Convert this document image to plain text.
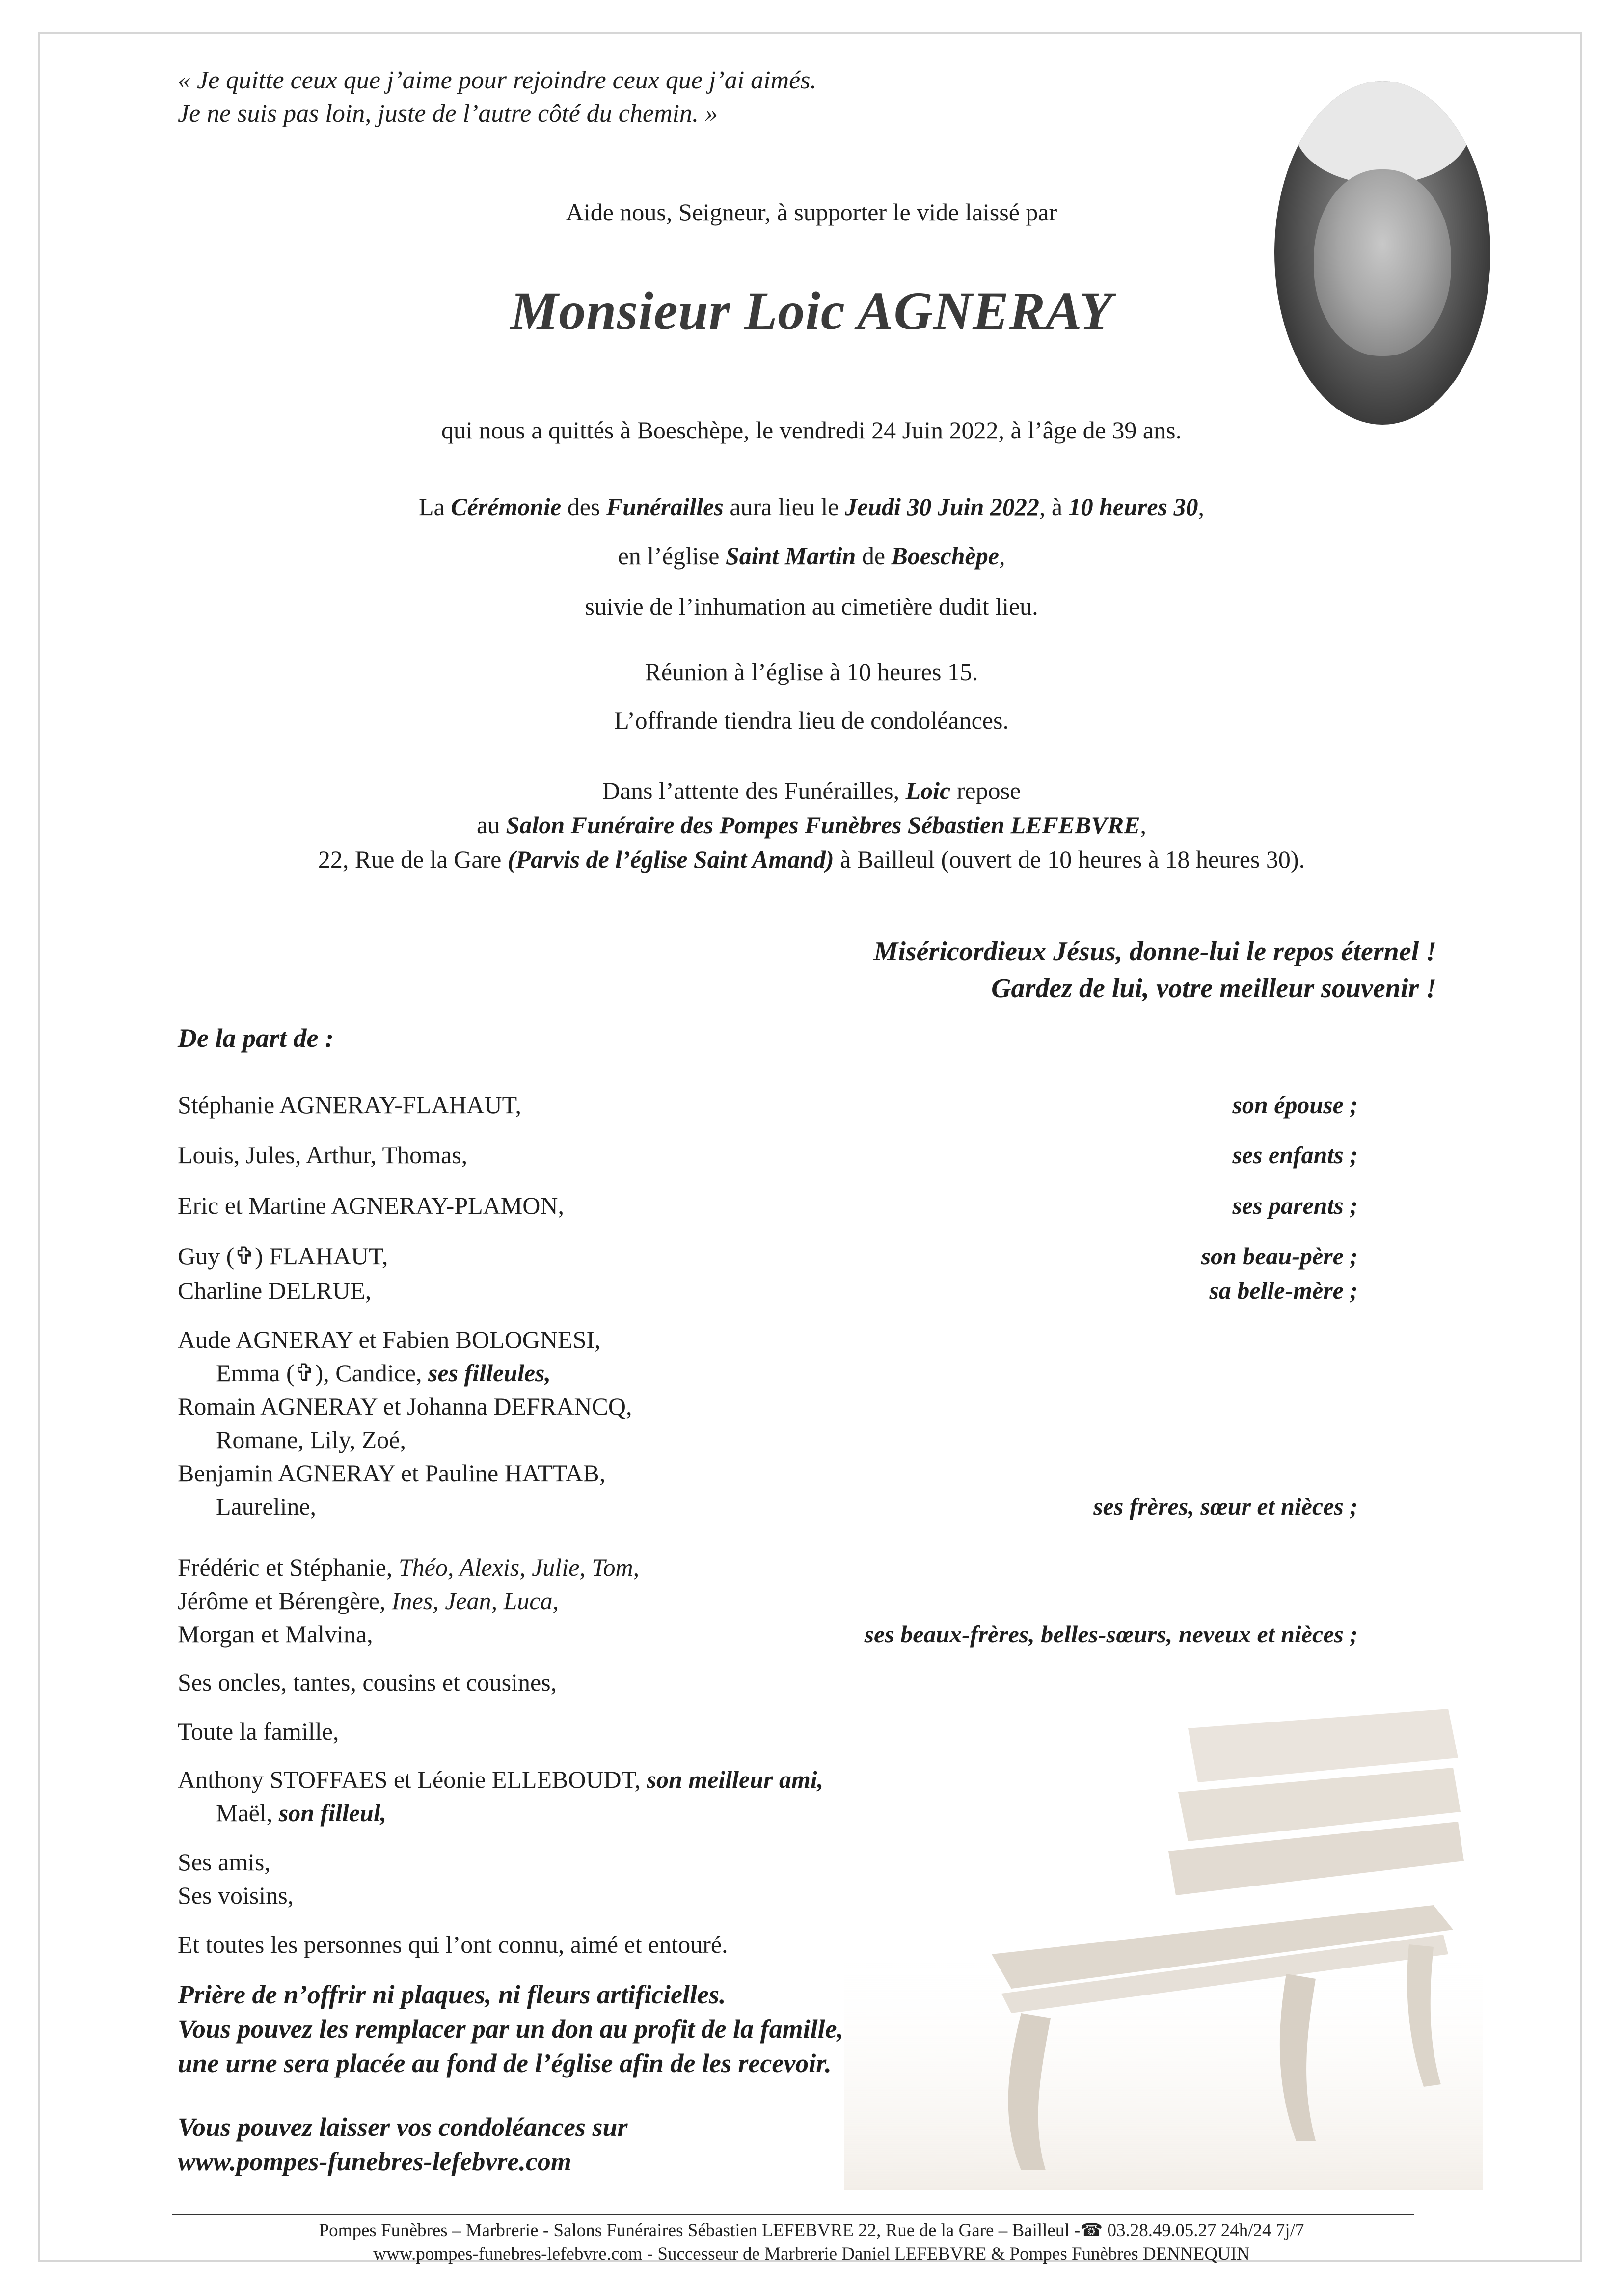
« Je quitte ceux que j’aime pour rejoindre ceux que j’ai aimés.
Je ne suis pas loin, juste de l’autre côté du chemin. »
Aide nous, Seigneur, à supporter le vide laissé par
Monsieur Loic AGNERAY
qui nous a quittés à Boeschèpe, le vendredi 24 Juin 2022, à l’âge de 39 ans.
La Cérémonie des Funérailles aura lieu le Jeudi 30 Juin 2022, à 10 heures 30,
en l’église Saint Martin de Boeschèpe,
suivie de l’inhumation au cimetière dudit lieu.
Réunion à l’église à 10 heures 15.
L’offrande tiendra lieu de condoléances.
Dans l’attente des Funérailles, Loic repose
au Salon Funéraire des Pompes Funèbres Sébastien LEFEBVRE,
22, Rue de la Gare (Parvis de l’église Saint Amand) à Bailleul (ouvert de 10 heures à 18 heures 30).
Miséricordieux Jésus, donne-lui le repos éternel !
Gardez de lui, votre meilleur souvenir !
De la part de :
Stéphanie AGNERAY-FLAHAUT,
Louis, Jules, Arthur, Thomas,
Eric et Martine AGNERAY-PLAMON,
Guy (✞) FLAHAUT,
Charline DELRUE,
Aude AGNERAY et Fabien BOLOGNESI,
Emma (✞), Candice, ses filleules,
Romain AGNERAY et Johanna DEFRANCQ,
Romane, Lily, Zoé,
Benjamin AGNERAY et Pauline HATTAB,
Laureline,
Frédéric et Stéphanie, Théo, Alexis, Julie, Tom,
Jérôme et Bérengère, Ines, Jean, Luca,
Morgan et Malvina,
Ses oncles, tantes, cousins et cousines,
Toute la famille,
Anthony STOFFAES et Léonie ELLEBOUDT, son meilleur ami,
Maël, son filleul,
Ses amis,
Ses voisins,
Et toutes les personnes qui l’ont connu, aimé et entouré.
son épouse ;
ses enfants ;
ses parents ;
son beau-père ;
sa belle-mère ;
ses frères, sœur et nièces ;
ses beaux-frères, belles-sœurs, neveux et nièces ;
Prière de n’offrir ni plaques, ni fleurs artificielles.
Vous pouvez les remplacer par un don au profit de la famille,
une urne sera placée au fond de l’église afin de les recevoir.
Vous pouvez laisser vos condoléances sur
www.pompes-funebres-lefebvre.com
Pompes Funèbres – Marbrerie - Salons Funéraires Sébastien LEFEBVRE 22, Rue de la Gare – Bailleul -☎ 03.28.49.05.27 24h/24 7j/7
www.pompes-funebres-lefebvre.com - Successeur de Marbrerie Daniel LEFEBVRE & Pompes Funèbres DENNEQUIN
